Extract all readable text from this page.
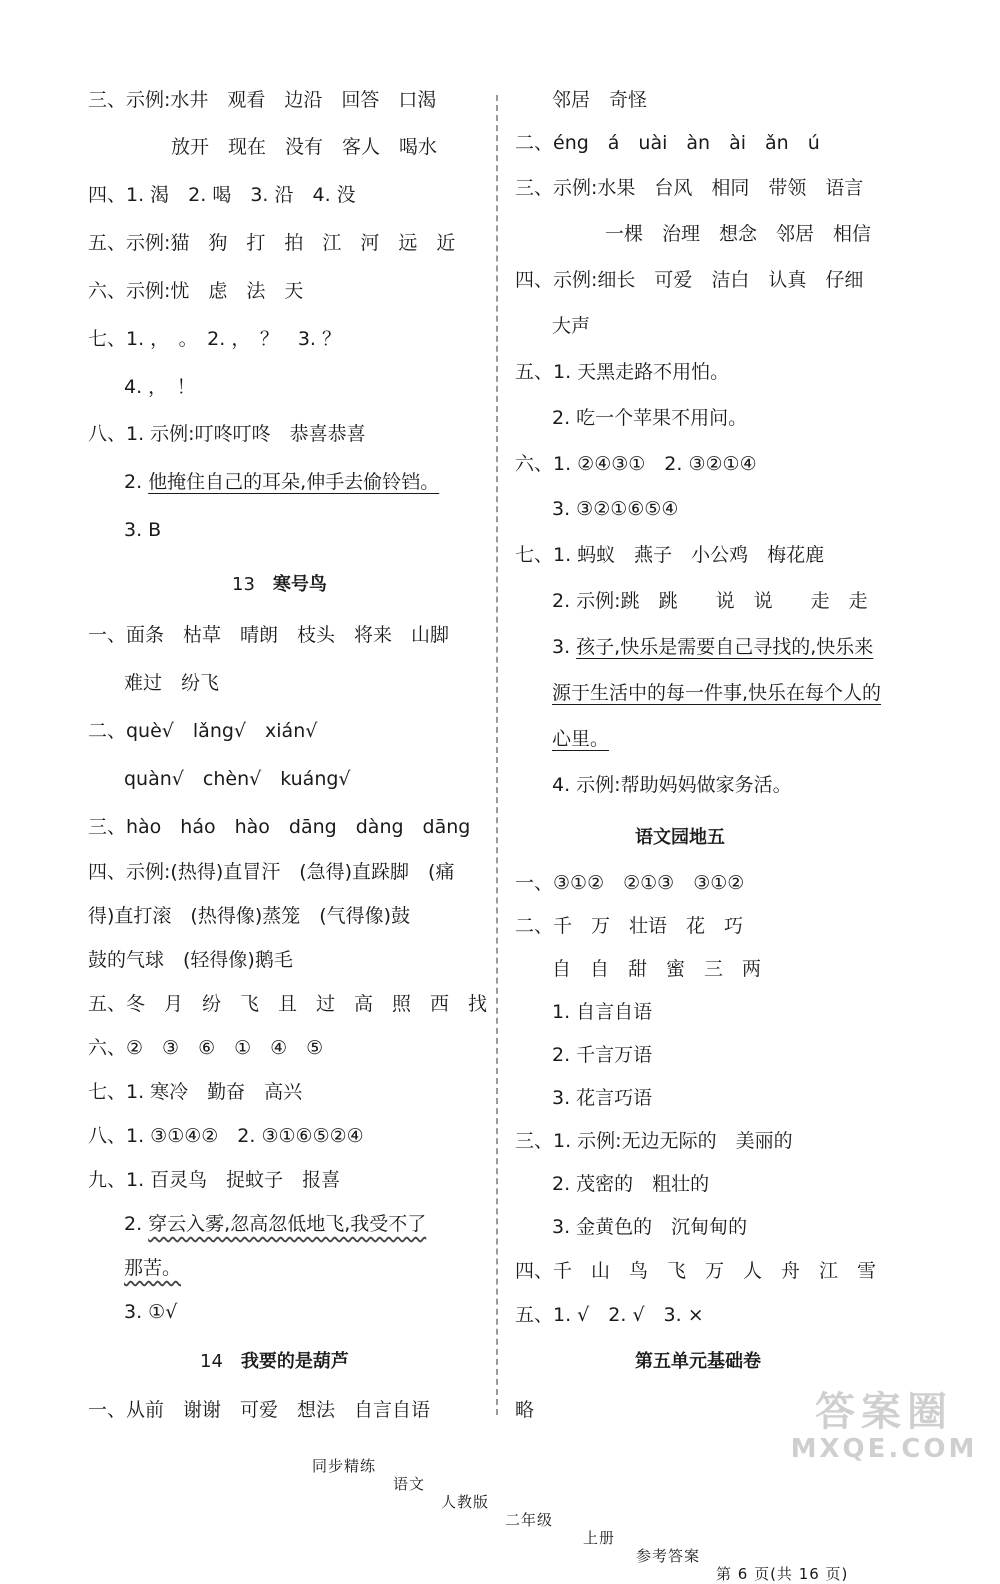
三、示例:水井　观看　边沿　回答　口渴
放开　现在　没有　客人　喝水
四、1. 渴　2. 喝　3. 沿　4. 没
五、示例:猫　狗　打　拍　江　河　远　近
六、示例:忧　虑　法　天
七、1. ，　。　2. ，　？　3. ？
4. ，　！
八、1. 示例:叮咚叮咚　恭喜恭喜
2. 他掩住自己的耳朵,伸手去偷铃铛。
3. B
13　 寒号鸟
一、面条　枯草　晴朗　枝头　将来　山脚
难过　纷飞
二、què√　lǎng√　xián√
quàn√　chèn√　kuáng√
三、hào　háo　hào　dāng　dàng　dāng
四、示例:(热得)直冒汗　(急得)直跺脚　(痛
得)直打滚　(热得像)蒸笼　(气得像)鼓
鼓的气球　(轻得像)鹅毛
五、冬　月　纷　飞　且　过　高　照　西　找
六、②　③　⑥　①　④　⑤
七、1. 寒冷　勤奋　高兴
八、1. ③①④②　2. ③①⑥⑤②④
九、1. 百灵鸟　捉蚊子　报喜
2. 穿云入雾,忽高忽低地飞,我受不了
那苦。
3. ①√
14　 我要的是葫芦
一、从前　谢谢　可爱　想法　自言自语
邻居　奇怪
二、éng　á　uài　àn　ài　ǎn　ú
三、示例:水果　台风　相同　带领　语言
一棵　治理　想念　邻居　相信
四、示例:细长　可爱　洁白　认真　仔细
大声
五、1. 天黑走路不用怕。
2. 吃一个苹果不用问。
六、1. ②④③①　2. ③②①④
3. ③②①⑥⑤④
七、1. 蚂蚁　燕子　小公鸡　梅花鹿
2. 示例:跳　跳　　说　说　　走　走
3. 孩子,快乐是需要自己寻找的,快乐来
源于生活中的每一件事,快乐在每个人的
心里。
4. 示例:帮助妈妈做家务活。
语文园地五
一、③①②　②①③　③①②
二、千　万　壮语　花　巧
自　自　甜　蜜　三　两
1. 自言自语
2. 千言万语
3. 花言巧语
三、1. 示例:无边无际的　美丽的
2. 茂密的　粗壮的
3. 金黄色的　沉甸甸的
四、千　山　鸟　飞　万　人　舟　江　雪
五、1. √　2. √　3. ×
第五单元基础卷
略

同步精练

语文

人教版

二年级

上册

参考答案

第 6 页(共 16 页)

答案圈
MXQE.COM
